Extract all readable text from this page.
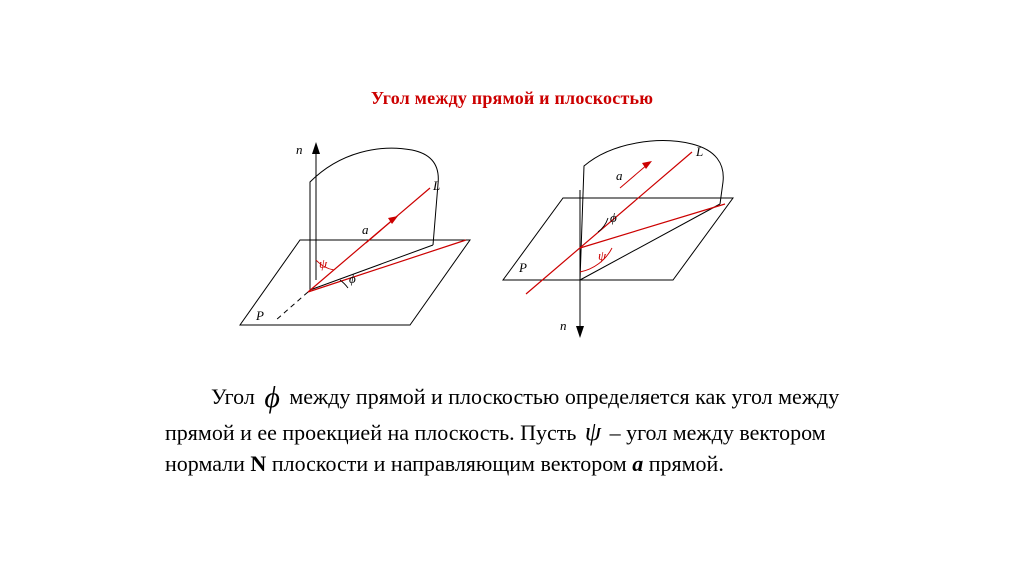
Угол между прямой и плоскостью
n⃗
a⃗
ϕ
ψ
P
L
n⃗
a⃗
ϕ
ψ
P
L

Угол ϕ между прямой и плоскостью определяется как угол между прямой и ее проекцией на плоскость. Пусть ψ – угол между вектором нормали N плоскости и направляющим вектором a прямой.
